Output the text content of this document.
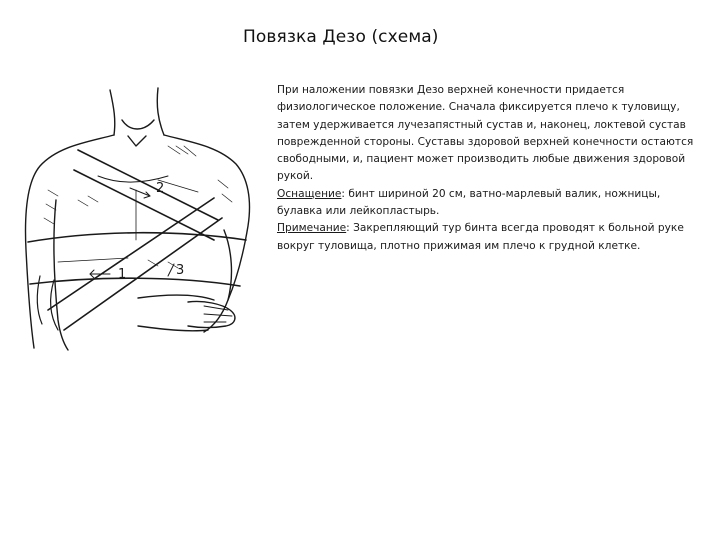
Повязка Дезо (схема)
2
1	3

При наложении повязки Дезо верхней конечности придается физиологическое положение. Сначала фиксируется плечо к туловищу, затем удерживается лучезапястный сустав и, наконец, локтевой сустав поврежденной стороны. Суставы здоровой верхней конечности остаются свободными, и, пациент может производить любые движения здоровой рукой.

Оснащение: бинт шириной 20 см, ватно-марлевый валик, ножницы, булавка или лейкопластырь.

Примечание: Закрепляющий тур бинта всегда проводят к больной руке вокруг туловища, плотно прижимая им плечо к грудной клетке.
